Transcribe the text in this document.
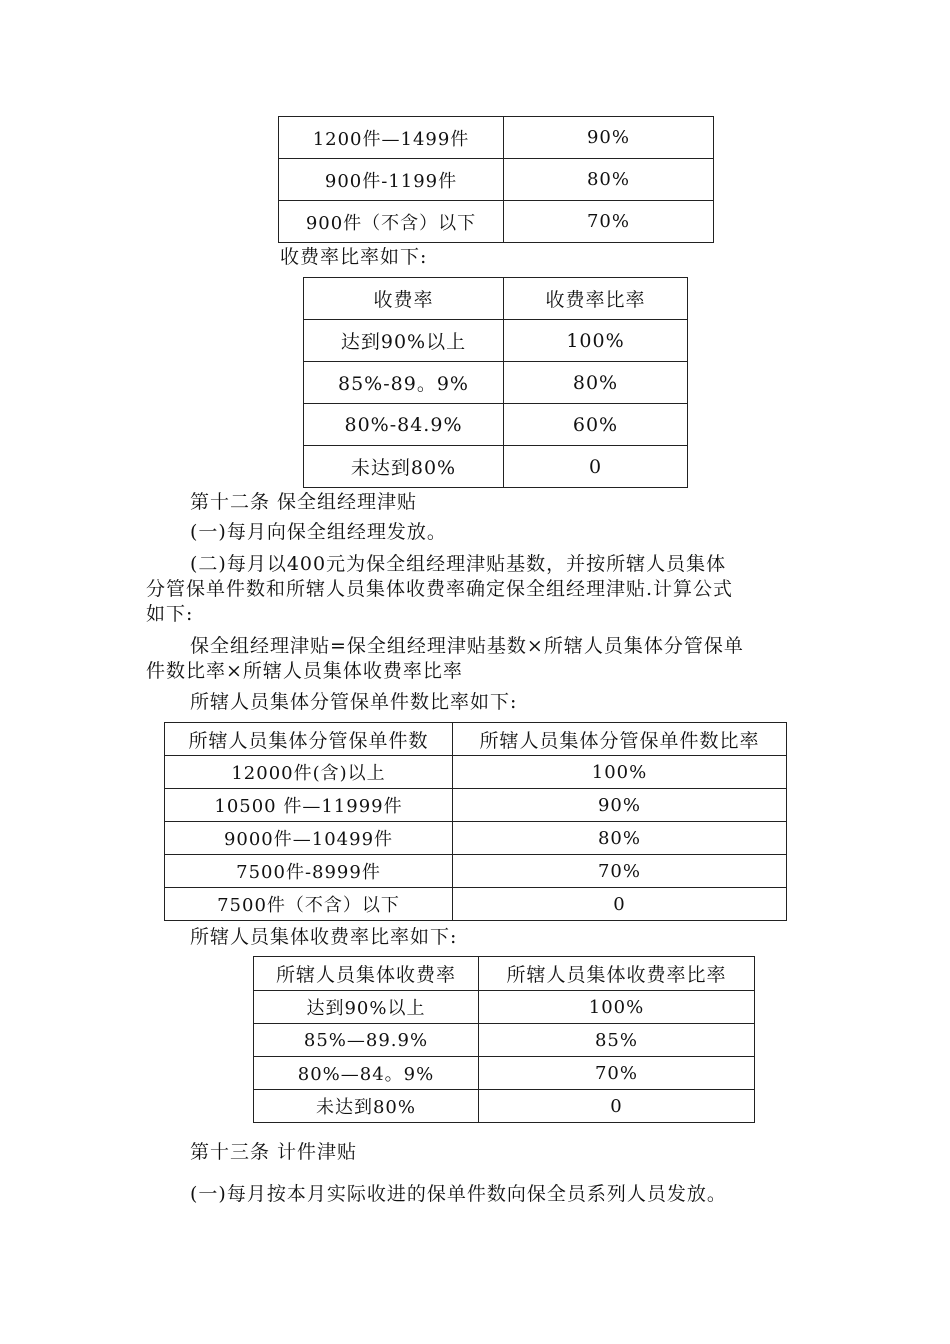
1200件—1499件	90%
900件-1199件	80%
900件（不含）以下	70%
收费率比率如下:
收费率	收费率比率
达到90%以上	100%
85%-89。9%	80%
80%-84.9%	60%
未达到80%	0
第十二条 保全组经理津贴
(一)每月向保全组经理发放。
(二)每月以400元为保全组经理津贴基数，并按所辖人员集体
分管保单件数和所辖人员集体收费率确定保全组经理津贴.计算公式
如下:
保全组经理津贴=保全组经理津贴基数×所辖人员集体分管保单
件数比率×所辖人员集体收费率比率
所辖人员集体分管保单件数比率如下:
所辖人员集体分管保单件数	所辖人员集体分管保单件数比率
12000件(含)以上	100%
10500 件—11999件	90%
9000件—10499件	80%
7500件-8999件	70%
7500件（不含）以下	0
所辖人员集体收费率比率如下:
所辖人员集体收费率	所辖人员集体收费率比率
达到90%以上	100%
85%—89.9%	85%
80%—84。9%	70%
未达到80%	0
第十三条 计件津贴
(一)每月按本月实际收进的保单件数向保全员系列人员发放。
